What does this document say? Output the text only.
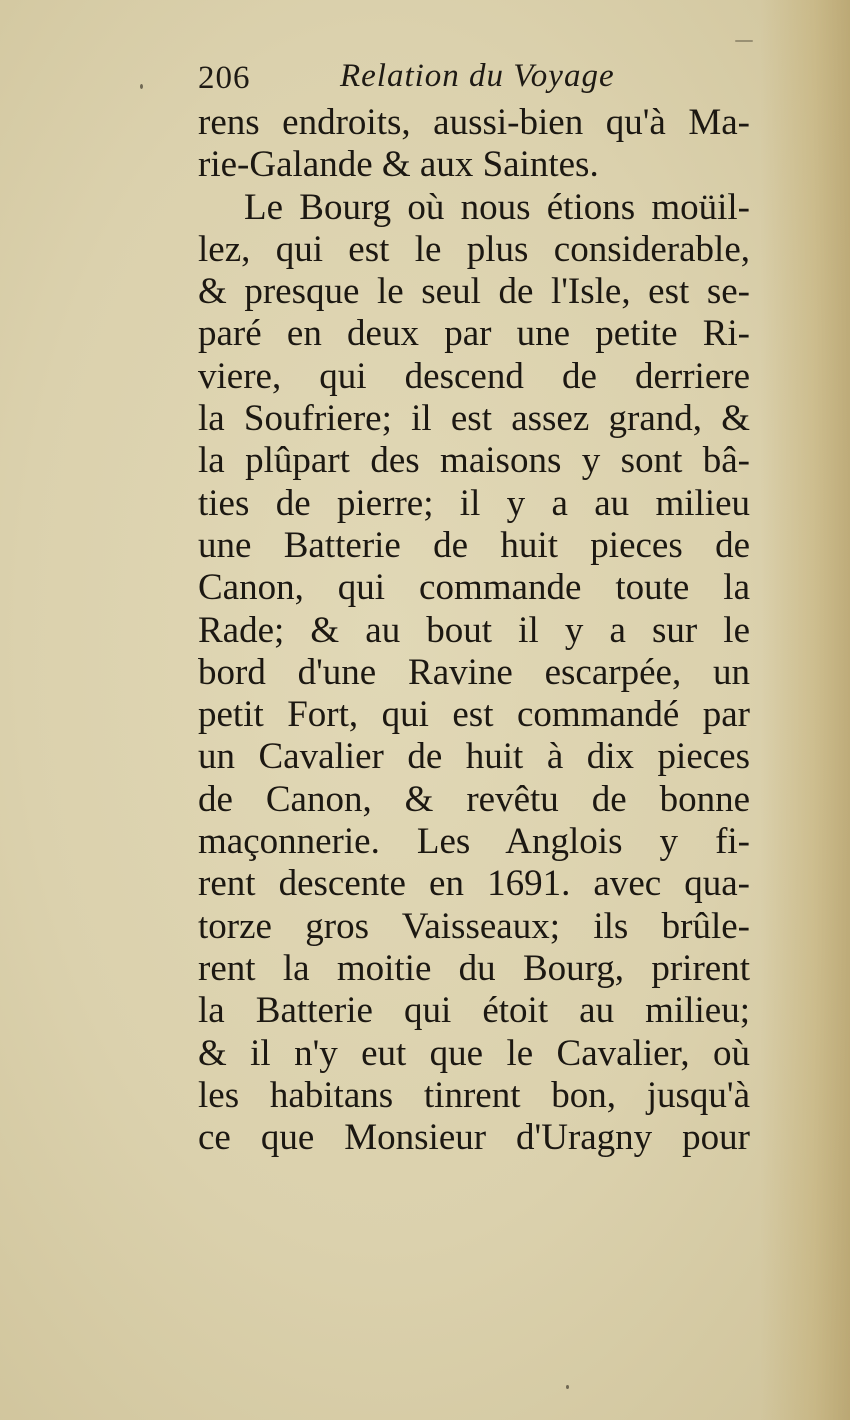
206	Relation du Voyage
rens endroits, aussi-bien qu'à Ma-
rie-Galande & aux Saintes.
Le Bourg où nous étions moüil-
lez, qui est le plus considerable,
& presque le seul de l'Isle, est se-
paré en deux par une petite Ri-
viere, qui descend de derriere
la Soufriere; il est assez grand, &
la plûpart des maisons y sont bâ-
ties de pierre; il y a au milieu
une Batterie de huit pieces de
Canon, qui commande toute la
Rade; & au bout il y a sur le
bord d'une Ravine escarpée, un
petit Fort, qui est commandé par
un Cavalier de huit à dix pieces
de Canon, & revêtu de bonne
maçonnerie. Les Anglois y fi-
rent descente en 1691. avec qua-
torze gros Vaisseaux; ils brûle-
rent la moitie du Bourg, prirent
la Batterie qui étoit au milieu;
& il n'y eut que le Cavalier, où
les habitans tinrent bon, jusqu'à
ce que Monsieur d'Uragny pour
